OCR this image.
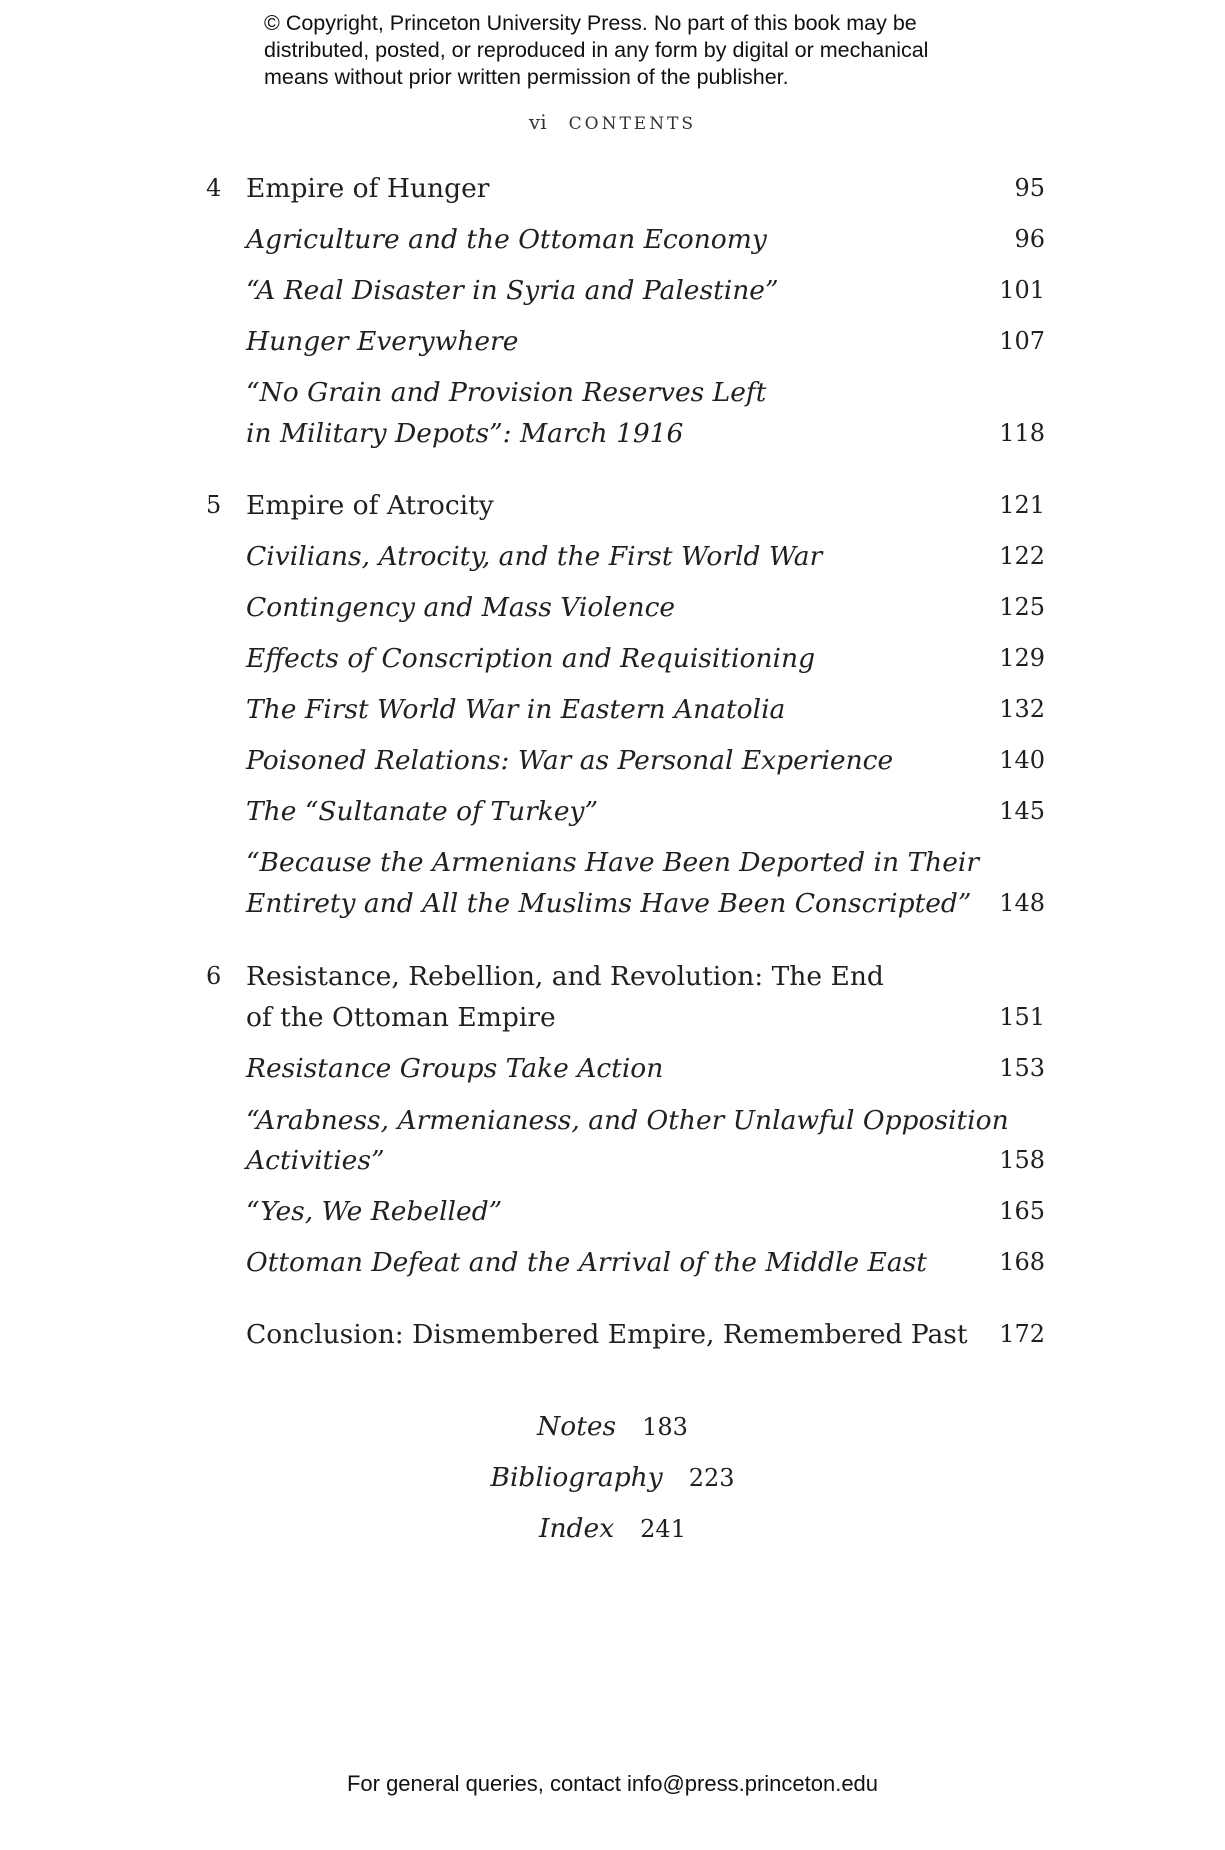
© Copyright, Princeton University Press. No part of this book may be distributed, posted, or reproduced in any form by digital or mechanical means without prior written permission of the publisher.
vi CONTENTS
4 Empire of Hunger	95
Agriculture and the Ottoman Economy	96
“A Real Disaster in Syria and Palestine”	101
Hunger Everywhere	107
“No Grain and Provision Reserves Left
in Military Depots”: March 1916	118
5 Empire of Atrocity	121
Civilians, Atrocity, and the First World War	122
Contingency and Mass Violence	125
Effects of Conscription and Requisitioning	129
The First World War in Eastern Anatolia	132
Poisoned Relations: War as Personal Experience	140
The “Sultanate of Turkey”	145
“Because the Armenians Have Been Deported in Their
Entirety and All the Muslims Have Been Conscripted” 148
6 Resistance, Rebellion, and Revolution: The End
of the Ottoman Empire	151
Resistance Groups Take Action	153
“Arabness, Armenianess, and Other Unlawful Opposition
Activities”	158
“Yes, We Rebelled”	165
Ottoman Defeat and the Arrival of the Middle East	168
Conclusion: Dismembered Empire, Remembered Past 172
Notes 183
Bibliography 223
Index 241
For general queries, contact info@press.princeton.edu
